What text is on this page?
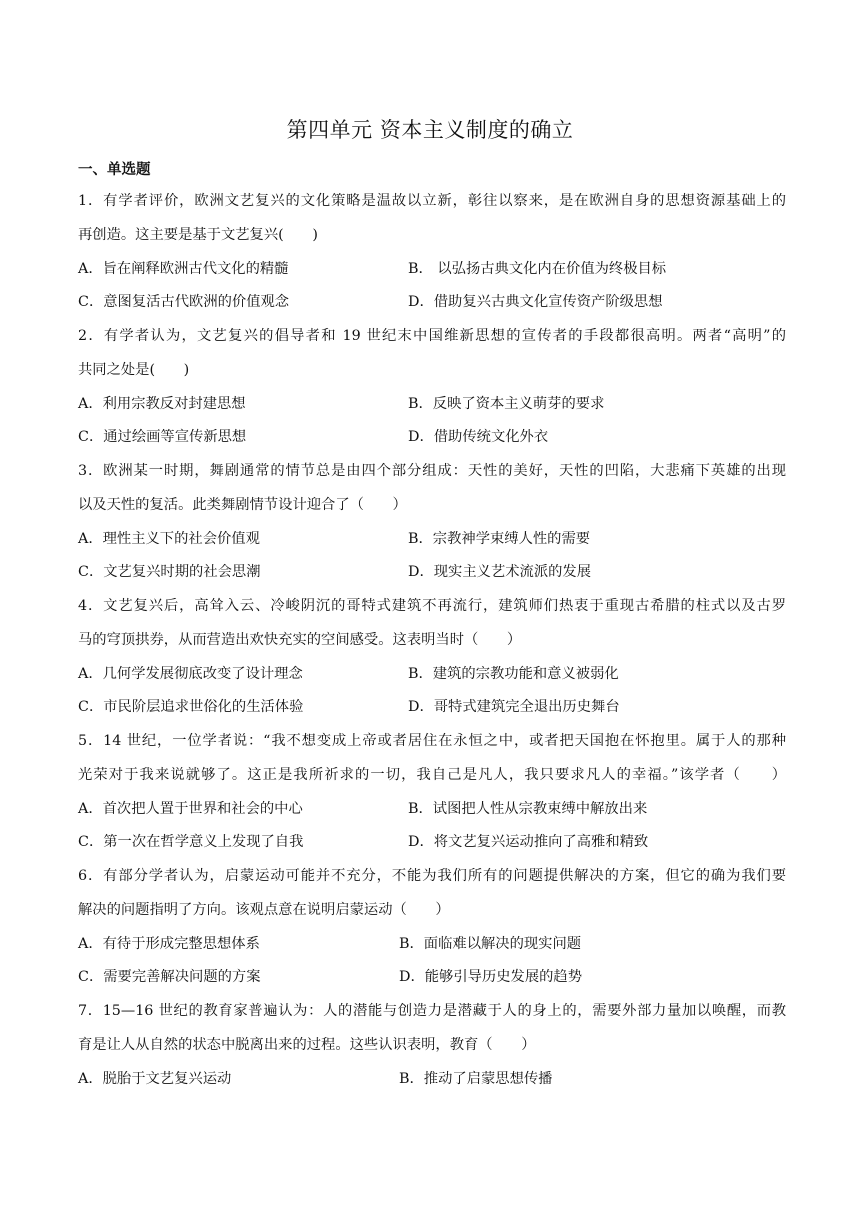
第四单元 资本主义制度的确立
一、单选题
1．有学者评价，欧洲文艺复兴的文化策略是温故以立新，彰往以察来，是在欧洲自身的思想资源基础上的
再创造。这主要是基于文艺复兴(　　)
A．旨在阐释欧洲古代文化的精髓	B． 以弘扬古典文化内在价值为终极目标
C．意图复活古代欧洲的价值观念	D．借助复兴古典文化宣传资产阶级思想
2．有学者认为，文艺复兴的倡导者和 19 世纪末中国维新思想的宣传者的手段都很高明。两者“高明”的
共同之处是(　　)
A．利用宗教反对封建思想	B．反映了资本主义萌芽的要求
C．通过绘画等宣传新思想	D．借助传统文化外衣
3．欧洲某一时期，舞剧通常的情节总是由四个部分组成：天性的美好，天性的凹陷，大悲痛下英雄的出现
以及天性的复活。此类舞剧情节设计迎合了（　　）
A．理性主义下的社会价值观	B．宗教神学束缚人性的需要
C．文艺复兴时期的社会思潮	D．现实主义艺术流派的发展
4．文艺复兴后，高耸入云、冷峻阴沉的哥特式建筑不再流行，建筑师们热衷于重现古希腊的柱式以及古罗
马的穹顶拱券，从而营造出欢快充实的空间感受。这表明当时（　　）
A．几何学发展彻底改变了设计理念	B．建筑的宗教功能和意义被弱化
C．市民阶层追求世俗化的生活体验	D．哥特式建筑完全退出历史舞台
5．14 世纪，一位学者说：“我不想变成上帝或者居住在永恒之中，或者把天国抱在怀抱里。属于人的那种
光荣对于我来说就够了。这正是我所祈求的一切，我自己是凡人，我只要求凡人的幸福。”该学者（　　）
A．首次把人置于世界和社会的中心	B．试图把人性从宗教束缚中解放出来
C．第一次在哲学意义上发现了自我	D．将文艺复兴运动推向了高雅和精致
6．有部分学者认为，启蒙运动可能并不充分，不能为我们所有的问题提供解决的方案，但它的确为我们要
解决的问题指明了方向。该观点意在说明启蒙运动（　　）
A．有待于形成完整思想体系	B．面临难以解决的现实问题
C．需要完善解决问题的方案	D．能够引导历史发展的趋势
7．15—16 世纪的教育家普遍认为：人的潜能与创造力是潜藏于人的身上的，需要外部力量加以唤醒，而教
育是让人从自然的状态中脱离出来的过程。这些认识表明，教育（　　）
A．脱胎于文艺复兴运动	B．推动了启蒙思想传播
